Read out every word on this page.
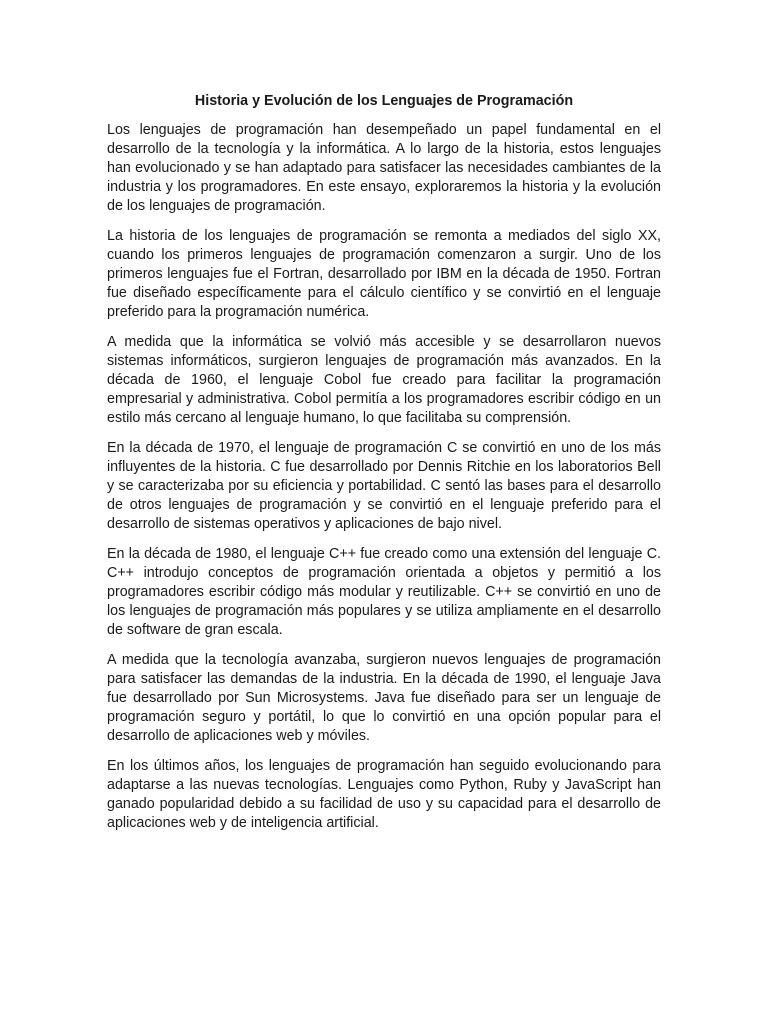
Historia y Evolución de los Lenguajes de Programación

Los lenguajes de programación han desempeñado un papel fundamental en el desarrollo de la tecnología y la informática. A lo largo de la historia, estos lenguajes han evolucionado y se han adaptado para satisfacer las necesidades cambiantes de la industria y los programadores. En este ensayo, exploraremos la historia y la evolución de los lenguajes de programación.

La historia de los lenguajes de programación se remonta a mediados del siglo XX, cuando los primeros lenguajes de programación comenzaron a surgir. Uno de los primeros lenguajes fue el Fortran, desarrollado por IBM en la década de 1950. Fortran fue diseñado específicamente para el cálculo científico y se convirtió en el lenguaje preferido para la programación numérica.

A medida que la informática se volvió más accesible y se desarrollaron nuevos sistemas informáticos, surgieron lenguajes de programación más avanzados. En la década de 1960, el lenguaje Cobol fue creado para facilitar la programación empresarial y administrativa. Cobol permitía a los programadores escribir código en un estilo más cercano al lenguaje humano, lo que facilitaba su comprensión.

En la década de 1970, el lenguaje de programación C se convirtió en uno de los más influyentes de la historia. C fue desarrollado por Dennis Ritchie en los laboratorios Bell y se caracterizaba por su eficiencia y portabilidad. C sentó las bases para el desarrollo de otros lenguajes de programación y se convirtió en el lenguaje preferido para el desarrollo de sistemas operativos y aplicaciones de bajo nivel.

En la década de 1980, el lenguaje C++ fue creado como una extensión del lenguaje C. C++ introdujo conceptos de programación orientada a objetos y permitió a los programadores escribir código más modular y reutilizable. C++ se convirtió en uno de los lenguajes de programación más populares y se utiliza ampliamente en el desarrollo de software de gran escala.

A medida que la tecnología avanzaba, surgieron nuevos lenguajes de programación para satisfacer las demandas de la industria. En la década de 1990, el lenguaje Java fue desarrollado por Sun Microsystems. Java fue diseñado para ser un lenguaje de programación seguro y portátil, lo que lo convirtió en una opción popular para el desarrollo de aplicaciones web y móviles.

En los últimos años, los lenguajes de programación han seguido evolucionando para adaptarse a las nuevas tecnologías. Lenguajes como Python, Ruby y JavaScript han ganado popularidad debido a su facilidad de uso y su capacidad para el desarrollo de aplicaciones web y de inteligencia artificial.
